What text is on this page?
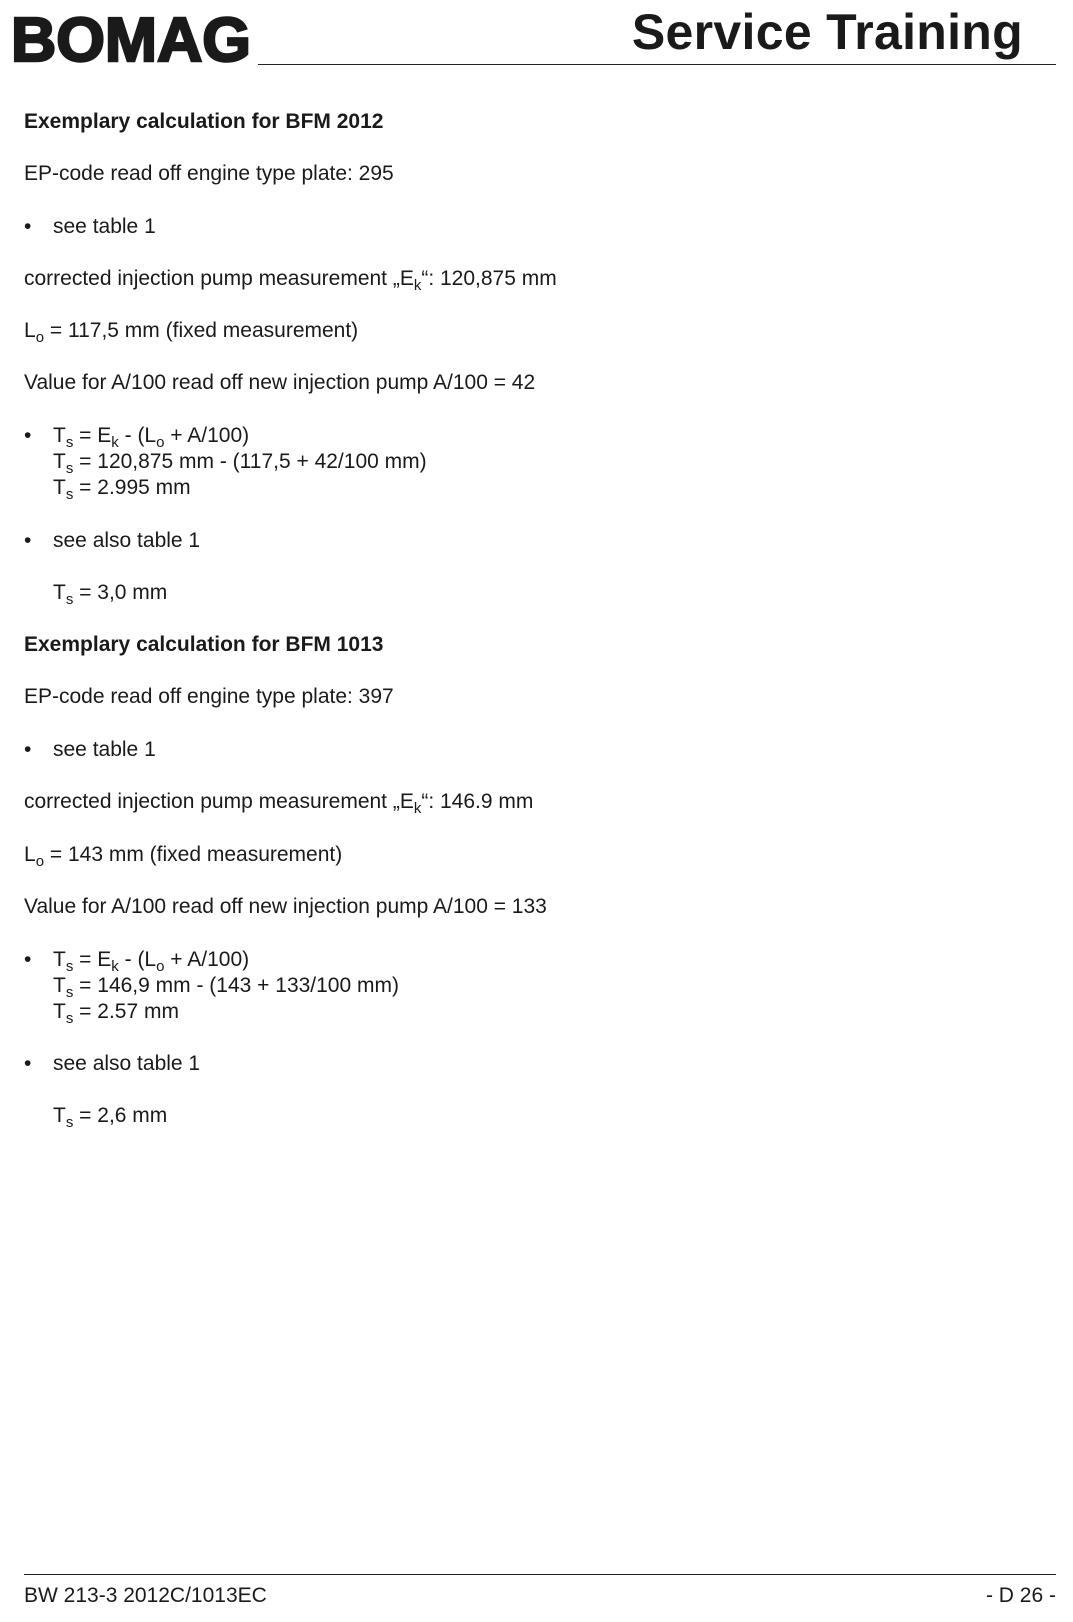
BOMAG	Service Training
Exemplary calculation for BFM 2012
EP-code read off engine type plate: 295
• see table 1
corrected injection pump measurement $„E_k“$: 120,875 mm
$L_o = 117,5$ mm (fixed measurement)
Value for A/100 read off new injection pump A/100 = 42
• $T_s = E_k - (L_o + A/100)$
$T_s = 120,875$ mm - (117,5 + 42/100 mm)
$T_s = 2.995$ mm
• see also table 1
$T_s = 3,0$ mm
Exemplary calculation for BFM 1013
EP-code read off engine type plate: 397
• see table 1
corrected injection pump measurement $„E_k“$: 146.9 mm
$L_o = 143$ mm (fixed measurement)
Value for A/100 read off new injection pump A/100 = 133
• $T_s = E_k - (L_o + A/100)$
$T_s = 146,9$ mm - (143 + 133/100 mm)
$T_s = 2.57$ mm
• see also table 1
$T_s = 2,6$ mm
BW 213-3 2012C/1013EC	- D 26 -
